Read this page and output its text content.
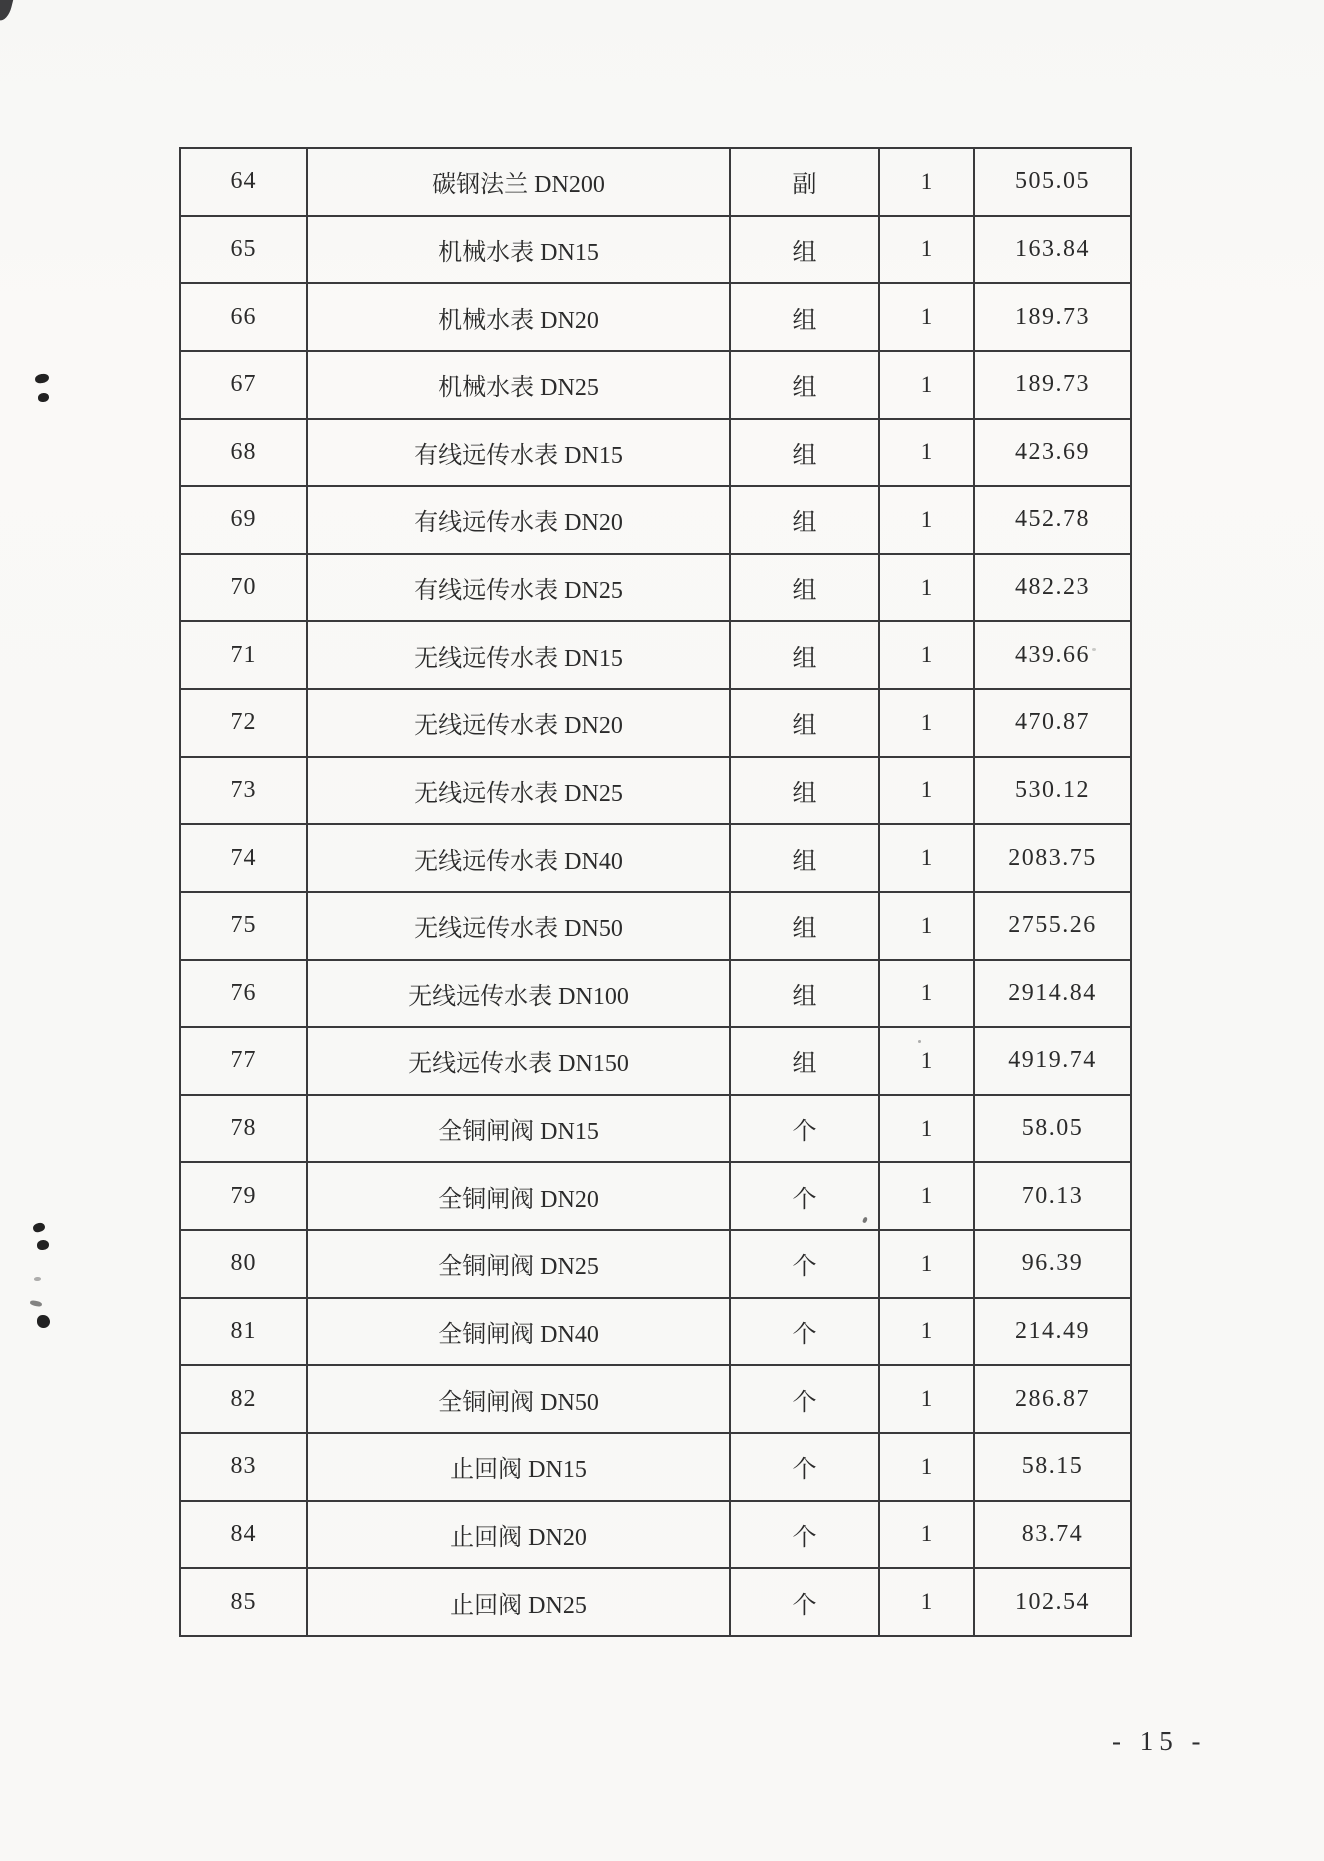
64	碳钢法兰 DN200	副	1	505.05
65	机械水表 DN15	组	1	163.84
66	机械水表 DN20	组	1	189.73
67	机械水表 DN25	组	1	189.73
68	有线远传水表 DN15	组	1	423.69
69	有线远传水表 DN20	组	1	452.78
70	有线远传水表 DN25	组	1	482.23
71	无线远传水表 DN15	组	1	439.66
72	无线远传水表 DN20	组	1	470.87
73	无线远传水表 DN25	组	1	530.12
74	无线远传水表 DN40	组	1	2083.75
75	无线远传水表 DN50	组	1	2755.26
76	无线远传水表 DN100	组	1	2914.84
77	无线远传水表 DN150	组	1	4919.74
78	全铜闸阀 DN15	个	1	58.05
79	全铜闸阀 DN20	个	1	70.13
80	全铜闸阀 DN25	个	1	96.39
81	全铜闸阀 DN40	个	1	214.49
82	全铜闸阀 DN50	个	1	286.87
83	止回阀 DN15	个	1	58.15
84	止回阀 DN20	个	1	83.74
85	止回阀 DN25	个	1	102.54
- 15 -
